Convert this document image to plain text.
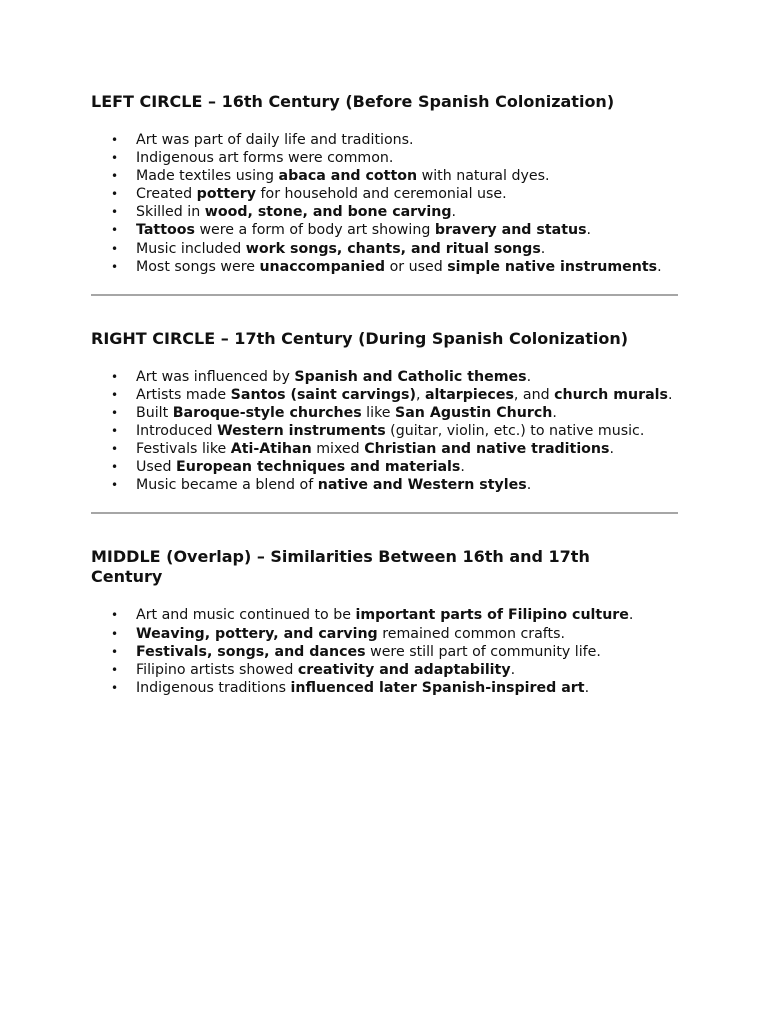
LEFT CIRCLE – 16th Century (Before Spanish Colonization)
• Art was part of daily life and traditions.
• Indigenous art forms were common.
• Made textiles using abaca and cotton with natural dyes.
• Created pottery for household and ceremonial use.
• Skilled in wood, stone, and bone carving.
• Tattoos were a form of body art showing bravery and status.
• Music included work songs, chants, and ritual songs.
• Most songs were unaccompanied or used simple native instruments.
RIGHT CIRCLE – 17th Century (During Spanish Colonization)
• Art was influenced by Spanish and Catholic themes.
• Artists made Santos (saint carvings), altarpieces, and church murals.
• Built Baroque-style churches like San Agustin Church.
• Introduced Western instruments (guitar, violin, etc.) to native music.
• Festivals like Ati-Atihan mixed Christian and native traditions.
• Used European techniques and materials.
• Music became a blend of native and Western styles.
MIDDLE (Overlap) – Similarities Between 16th and 17th Century
• Art and music continued to be important parts of Filipino culture.
• Weaving, pottery, and carving remained common crafts.
• Festivals, songs, and dances were still part of community life.
• Filipino artists showed creativity and adaptability.
• Indigenous traditions influenced later Spanish-inspired art.
